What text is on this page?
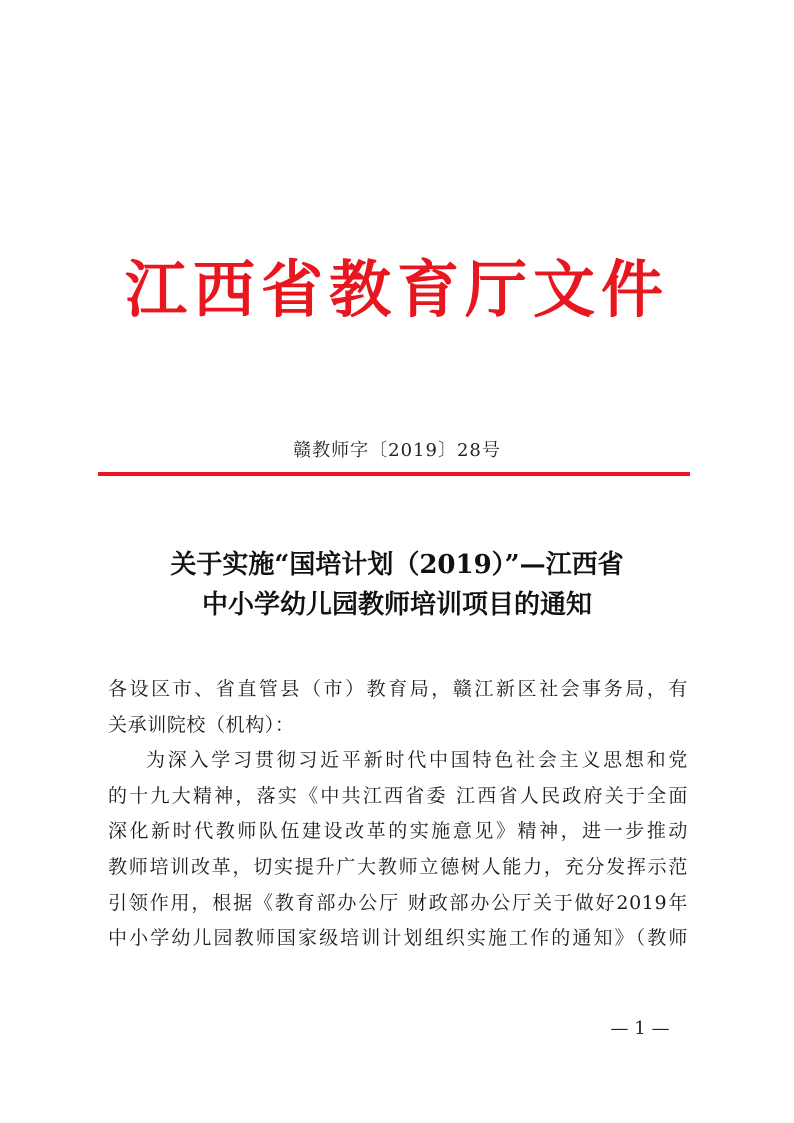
江西省教育厅文件
赣教师字〔2019〕28号
关于实施“国培计划（2019）”—江西省
中小学幼儿园教师培训项目的通知
各设区市、省直管县（市）教育局，赣江新区社会事务局，有
关承训院校（机构）：
为深入学习贯彻习近平新时代中国特色社会主义思想和党
的十九大精神，落实《中共江西省委 江西省人民政府关于全面
深化新时代教师队伍建设改革的实施意见》精神，进一步推动
教师培训改革，切实提升广大教师立德树人能力，充分发挥示范
引领作用，根据《教育部办公厅 财政部办公厅关于做好2019年
中小学幼儿园教师国家级培训计划组织实施工作的通知》（教师
— 1 —
